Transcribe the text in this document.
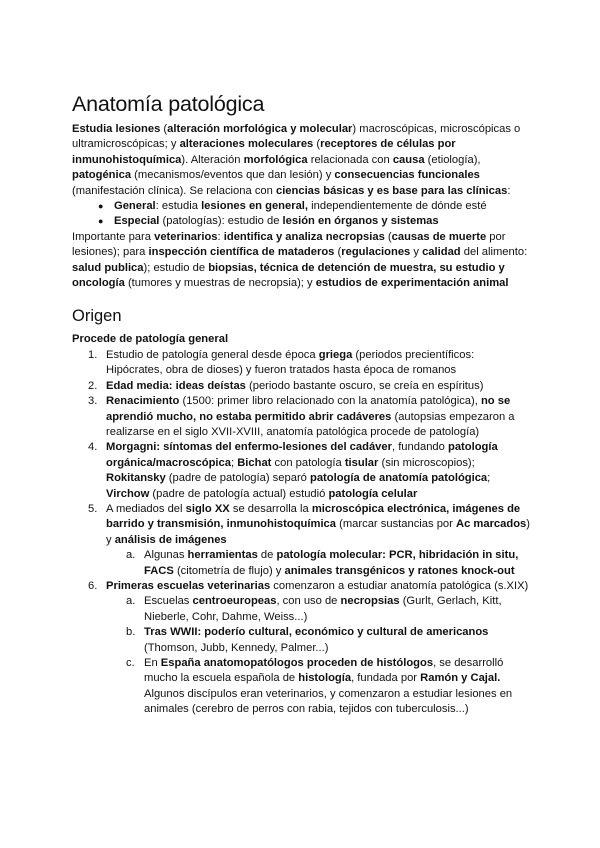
Anatomía patológica

Estudia lesiones (alteración morfológica y molecular) macroscópicas, microscópicas o ultramicroscópicas; y alteraciones moleculares (receptores de células por inmunohistoquímica). Alteración morfológica relacionada con causa (etiología), patogénica (mecanismos/eventos que dan lesión) y consecuencias funcionales (manifestación clínica). Se relaciona con ciencias básicas y es base para las clínicas:

● General: estudia lesiones en general, independientemente de dónde esté
● Especial (patologías): estudio de lesión en órganos y sistemas

Importante para veterinarios: identifica y analiza necropsias (causas de muerte por lesiones); para inspección científica de mataderos (regulaciones y calidad del alimento: salud publica); estudio de biopsias, técnica de detención de muestra, su estudio y oncología (tumores y muestras de necropsia); y estudios de experimentación animal

Origen

Procede de patología general

1. Estudio de patología general desde época griega (periodos precientíficos: Hipócrates, obra de dioses) y fueron tratados hasta época de romanos
2. Edad media: ideas deístas (periodo bastante oscuro, se creía en espíritus)
3. Renacimiento (1500: primer libro relacionado con la anatomía patológica), no se aprendió mucho, no estaba permitido abrir cadáveres (autopsias empezaron a realizarse en el siglo XVII-XVIII, anatomía patológica procede de patología)
4. Morgagni: síntomas del enfermo-lesiones del cadáver, fundando patología orgánica/macroscópica; Bichat con patología tisular (sin microscopios); Rokitansky (padre de patología) separó patología de anatomía patológica; Virchow (padre de patología actual) estudió patología celular
5. A mediados del siglo XX se desarrolla la microscópica electrónica, imágenes de barrido y transmisión, inmunohistoquímica (marcar sustancias por Ac marcados) y análisis de imágenes
a. Algunas herramientas de patología molecular: PCR, hibridación in situ, FACS (citometría de flujo) y animales transgénicos y ratones knock-out
6. Primeras escuelas veterinarias comenzaron a estudiar anatomía patológica (s.XIX)
a. Escuelas centroeuropeas, con uso de necropsias (Gurlt, Gerlach, Kitt, Nieberle, Cohr, Dahme, Weiss...)
b. Tras WWII: poderío cultural, económico y cultural de americanos (Thomson, Jubb, Kennedy, Palmer...)
c. En España anatomopatólogos proceden de histólogos, se desarrolló mucho la escuela española de histología, fundada por Ramón y Cajal. Algunos discípulos eran veterinarios, y comenzaron a estudiar lesiones en animales (cerebro de perros con rabia, tejidos con tuberculosis...)
